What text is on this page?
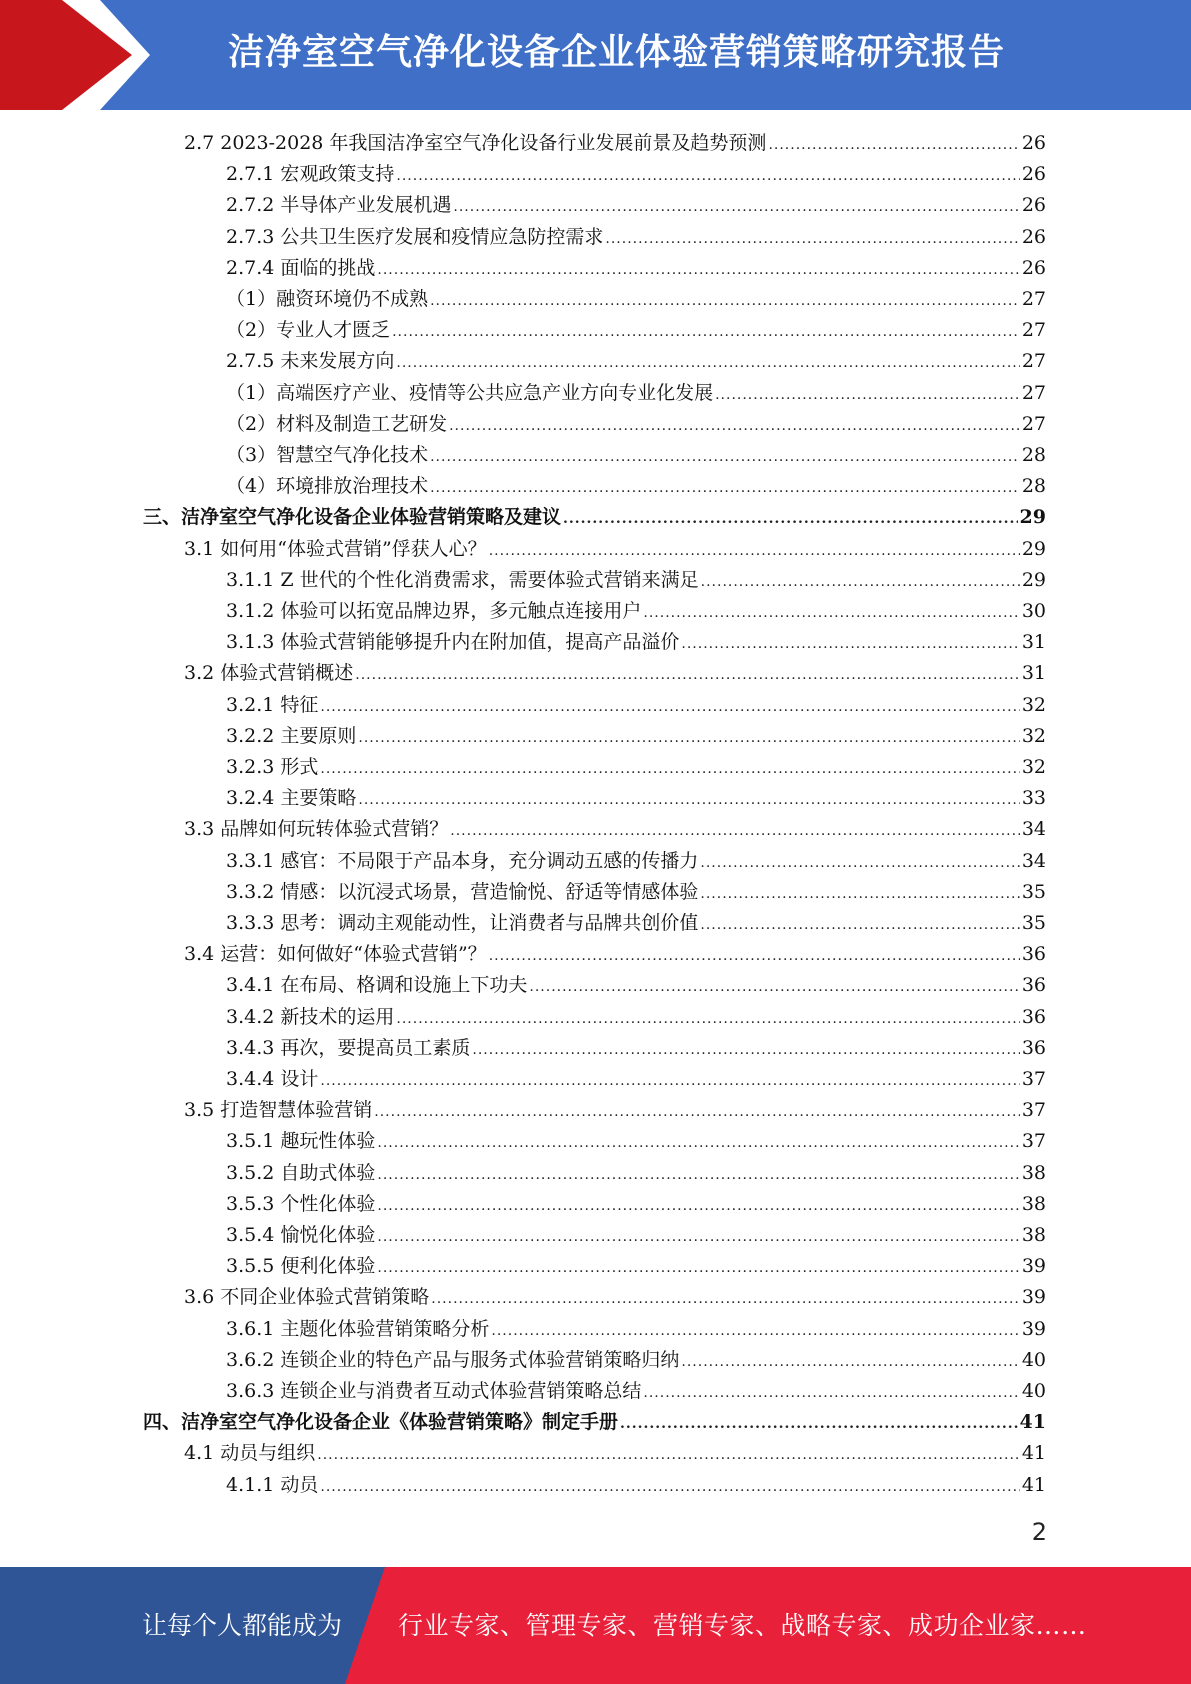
洁净室空气净化设备企业体验营销策略研究报告
2.7 2023-2028 年我国洁净室空气净化设备行业发展前景及趋势预测 .....	26
2.7.1 宏观政策支持 .....	26
2.7.2 半导体产业发展机遇 .....	26
2.7.3 公共卫生医疗发展和疫情应急防控需求 .....	26
2.7.4 面临的挑战 .....	26
（1）融资环境仍不成熟 .....	27
（2）专业人才匮乏 .....	27
2.7.5 未来发展方向 .....	27
（1）高端医疗产业、疫情等公共应急产业方向专业化发展 .....	27
（2）材料及制造工艺研发 .....	27
（3）智慧空气净化技术 .....	28
（4）环境排放治理技术 .....	28
三、洁净室空气净化设备企业体验营销策略及建议 .....	29
3.1 如何用“体验式营销”俘获人心？ .....	29
3.1.1 Z 世代的个性化消费需求，需要体验式营销来满足 .....	29
3.1.2 体验可以拓宽品牌边界，多元触点连接用户 .....	30
3.1.3 体验式营销能够提升内在附加值，提高产品溢价 .....	31
3.2 体验式营销概述 .....	31
3.2.1 特征 .....	32
3.2.2 主要原则 .....	32
3.2.3 形式 .....	32
3.2.4 主要策略 .....	33
3.3 品牌如何玩转体验式营销？ .....	34
3.3.1 感官：不局限于产品本身，充分调动五感的传播力 .....	34
3.3.2 情感：以沉浸式场景，营造愉悦、舒适等情感体验 .....	35
3.3.3 思考：调动主观能动性，让消费者与品牌共创价值 .....	35
3.4 运营：如何做好“体验式营销”？ .....	36
3.4.1 在布局、格调和设施上下功夫 .....	36
3.4.2 新技术的运用 .....	36
3.4.3 再次，要提高员工素质 .....	36
3.4.4 设计 .....	37
3.5 打造智慧体验营销 .....	37
3.5.1 趣玩性体验 .....	37
3.5.2 自助式体验 .....	38
3.5.3 个性化体验 .....	38
3.5.4 愉悦化体验 .....	38
3.5.5 便利化体验 .....	39
3.6 不同企业体验式营销策略 .....	39
3.6.1 主题化体验营销策略分析 .....	39
3.6.2 连锁企业的特色产品与服务式体验营销策略归纳 .....	40
3.6.3 连锁企业与消费者互动式体验营销策略总结 .....	40
四、洁净室空气净化设备企业《体验营销策略》制定手册 .....	41
4.1 动员与组织 .....	41
4.1.1 动员 .....	41
2
让每个人都能成为 行业专家、管理专家、营销专家、战略专家、成功企业家……
